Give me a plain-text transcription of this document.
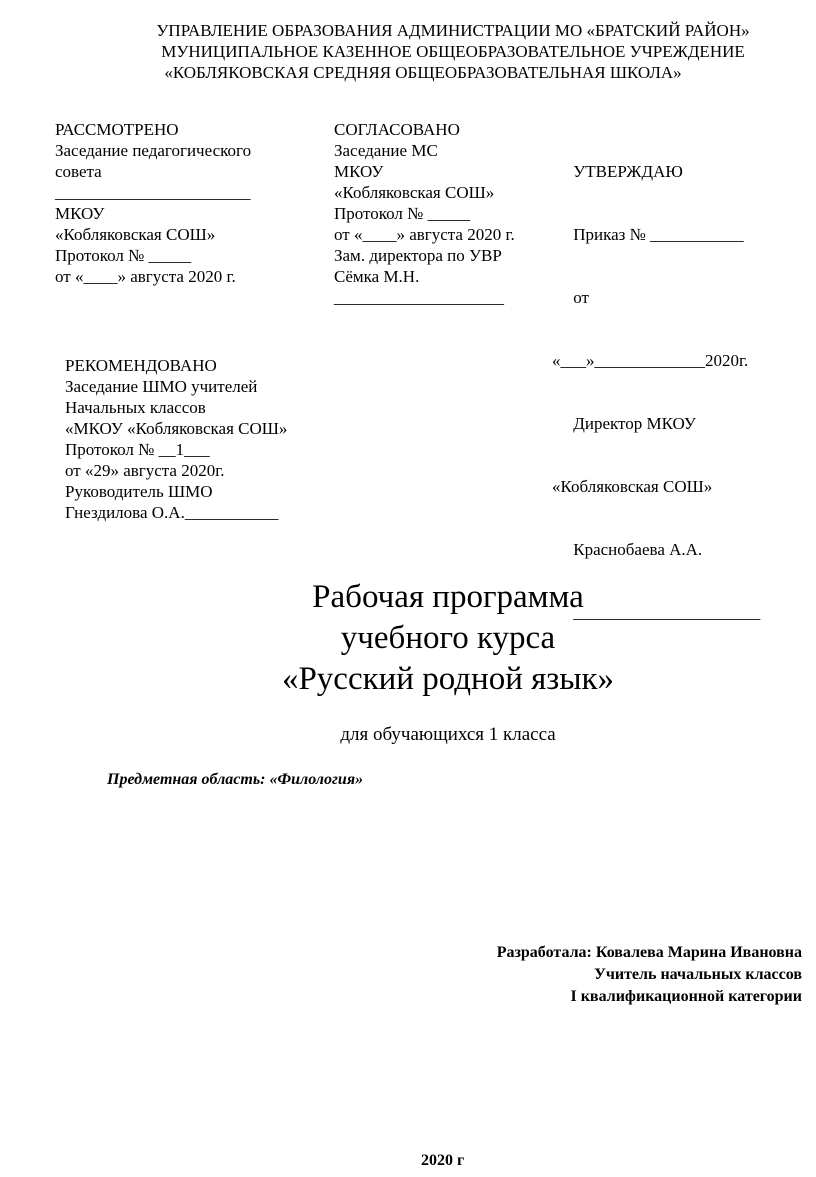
УПРАВЛЕНИЕ ОБРАЗОВАНИЯ АДМИНИСТРАЦИИ МО «БРАТСКИЙ РАЙОН»
МУНИЦИПАЛЬНОЕ КАЗЕННОЕ ОБЩЕОБРАЗОВАТЕЛЬНОЕ УЧРЕЖДЕНИЕ
«КОБЛЯКОВСКАЯ СРЕДНЯЯ ОБЩЕОБРАЗОВАТЕЛЬНАЯ ШКОЛА»
РАССМОТРЕНО
Заседание педагогического
совета
_______________________
МКОУ
«Кобляковская СОШ»
Протокол № _____
от «____» августа 2020 г.
СОГЛАСОВАНО
Заседание МС
МКОУ
«Кобляковская СОШ»
Протокол № _____
от «____» августа 2020 г.
Зам. директора по УВР
Сёмка М.Н.
____________________

УТВЕРЖДАЮ

Приказ № ___________

от

«___»_____________2020г.

Директор МКОУ

«Кобляковская СОШ»

Краснобаева А.А.

______________________

РЕКОМЕНДОВАНО
Заседание ШМО учителей
Начальных классов
«МКОУ «Кобляковская СОШ»
Протокол № __1___
от «29» августа 2020г.
Руководитель ШМО
Гнездилова О.А.___________
Рабочая программа
учебного курса
«Русский родной язык»
для обучающихся 1 класса
Предметная область: «Филология»
Разработала: Ковалева Марина Ивановна
Учитель начальных классов
I квалификационной категории
2020 г
